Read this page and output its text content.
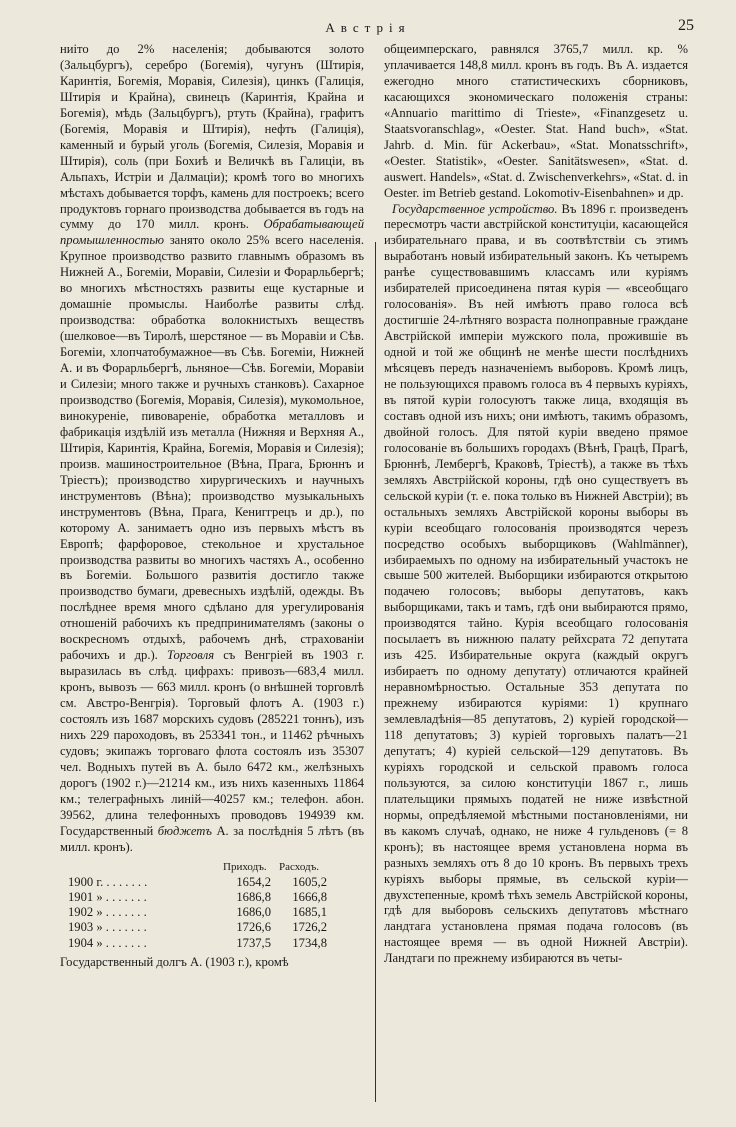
Австрія	25

ниіто до 2% населенія; добываются золото (Зальцбургъ), серебро (Богемія), чугунъ (Штирія, Каринтія, Богемія, Моравія, Силезія), цинкъ (Галиція, Штирія и Крайна), свинецъ (Каринтія, Крайна и Богемія), мѣдь (Зальцбургъ), ртуть (Крайна), графитъ (Богемія, Моравія и Штирія), нефть (Галиція), каменный и бурый уголь (Богемія, Силезія, Моравія и Штирія), соль (при Бохиѣ и Величкѣ въ Галиціи, въ Альпахъ, Истріи и Далмаціи); кромѣ того во многихъ мѣстахъ добывается торфъ, камень для построекъ; всего продуктовъ горнаго производства добывается въ годъ на сумму до 170 милл. кронъ. Обрабатывающей промышленностью занято около 25% всего населенія. Крупное производство развито главнымъ образомъ въ Нижней А., Богеміи, Моравіи, Силезіи и Форарльбергѣ; во многихъ мѣстностяхъ развиты еще кустарные и домашніе промыслы. Наиболѣе развиты слѣд. производства: обработка волокнистыхъ веществъ (шелковое—въ Тиролѣ, шерстяное — въ Моравіи и Сѣв. Богеміи, хлопчатобумажное—въ Сѣв. Богеміи, Нижней А. и въ Форарльбергѣ, льняное—Сѣв. Богеміи, Моравіи и Силезіи; много также и ручныхъ станковъ). Сахарное производство (Богемія, Моравія, Силезія), мукомольное, винокуреніе, пивовареніе, обработка металловъ и фабрикація издѣлій изъ металла (Нижняя и Верхняя А., Штирія, Каринтія, Крайна, Богемія, Моравія и Силезія); произв. машиностроительное (Вѣна, Прага, Брюннъ и Тріестъ); производство хирургическихъ и научныхъ инструментовъ (Вѣна); производство музыкальныхъ инструментовъ (Вѣна, Прага, Кениггрецъ и др.), по которому А. занимаетъ одно изъ первыхъ мѣстъ въ Европѣ; фарфоровое, стекольное и хрустальное производства развиты во многихъ частяхъ А., особенно въ Богеміи. Большого развитія достигло также производство бумаги, древесныхъ издѣлій, одежды. Въ послѣднее время много сдѣлано для урегулированія отношеній рабочихъ къ предпринимателямъ (законы о воскресномъ отдыхѣ, рабочемъ днѣ, страхованіи рабочихъ и др.). Торговля съ Венгріей въ 1903 г. выразилась въ слѣд. цифрахъ: привозъ—683,4 милл. кронъ, вывозъ — 663 милл. кронъ (о внѣшней торговлѣ см. Австро-Венгрія). Торговый флотъ А. (1903 г.) состоялъ изъ 1687 морскихъ судовъ (285221 тоннъ), изъ нихъ 229 пароходовъ, въ 253341 тон., и 11462 рѣчныхъ судовъ; экипажъ торговаго флота состоялъ изъ 35307 чел. Водныхъ путей въ А. было 6472 км., желѣзныхъ дорогъ (1902 г.)—21214 км., изъ нихъ казенныхъ 11864 км.; телеграфныхъ линій—40257 км.; телефон. абон. 39562, длина телефонныхъ проводовъ 194939 км. Государственный бюджетъ А. за послѣднія 5 лѣтъ (въ милл. кронъ).

Приходъ.	Расходъ.
1900 г. . . . . . . .	1654,2	1605,2
1901 » . . . . . . .	1686,8	1666,8
1902 » . . . . . . .	1686,0	1685,1
1903 » . . . . . . .	1726,6	1726,2
1904 » . . . . . . .	1737,5	1734,8

Государственный долгъ А. (1903 г.), кромѣ

общеимперскаго, равнялся 3765,7 милл. кр. % уплачивается 148,8 милл. кронъ въ годъ. Въ А. издается ежегодно много статистическихъ сборниковъ, касающихся экономическаго положенія страны: «Annuario marittimo di Trieste», «Finanzgesetz u. Staatsvoranschlag», «Oester. Stat. Hand buch», «Stat. Jahrb. d. Min. für Ackerbau», «Stat. Monatsschrift», «Oester. Statistik», «Oester. Sanitätswesen», «Stat. d. auswert. Handels», «Stat. d. Zwischenverkehrs», «Stat. d. in Oester. im Betrieb gestand. Lokomotiv-Eisenbahnen» и др.

Государственное устройство. Въ 1896 г. произведенъ пересмотръ части австрійской конституціи, касающейся избирательнаго права, и въ соотвѣтствіи съ этимъ выработанъ новый избирательный законъ. Къ четыремъ ранѣе существовавшимъ классамъ или куріямъ избирателей присоединена пятая курія — «всеобщаго голосованія». Въ ней имѣютъ право голоса всѣ достигшіе 24-лѣтняго возраста полноправные граждане Австрійской имперіи мужского пола, прожившіе въ одной и той же общинѣ не менѣе шести послѣднихъ мѣсяцевъ передъ назначеніемъ выборовъ. Кромѣ лицъ, не пользующихся правомъ голоса въ 4 первыхъ куріяхъ, въ пятой куріи голосуютъ также лица, входящія въ составъ одной изъ нихъ; они имѣютъ, такимъ образомъ, двойной голосъ. Для пятой куріи введено прямое голосованіе въ большихъ городахъ (Вѣнѣ, Грацѣ, Прагѣ, Брюннѣ, Лембергѣ, Краковѣ, Тріестѣ), а также въ тѣхъ земляхъ Австрійской короны, гдѣ оно существуетъ въ сельской куріи (т. е. пока только въ Нижней Австріи); въ остальныхъ земляхъ Австрійской короны выборы въ куріи всеобщаго голосованія производятся черезъ посредство особыхъ выборщиковъ (Wahlmänner), избираемыхъ по одному на избирательный участокъ не свыше 500 жителей. Выборщики избираются открытою подачею голосовъ; выборы депутатовъ, какъ выборщиками, такъ и тамъ, гдѣ они выбираются прямо, производятся тайно. Курія всеобщаго голосованія посылаетъ въ нижнюю палату рейхсрата 72 депутата изъ 425. Избирательные округа (каждый округъ избираетъ по одному депутату) отличаются крайней неравномѣрностью. Остальные 353 депутата по прежнему избираются куріями: 1) крупнаго землевладѣнія—85 депутатовъ, 2) куріей городской—118 депутатовъ; 3) куріей торговыхъ палатъ—21 депутатъ; 4) куріей сельской—129 депутатовъ. Въ куріяхъ городской и сельской правомъ голоса пользуются, за силою конституціи 1867 г., лишь плательщики прямыхъ податей не ниже извѣстной нормы, опредѣляемой мѣстными постановленіями, ни въ какомъ случаѣ, однако, не ниже 4 гульденовъ (= 8 кронъ); въ настоящее время установлена норма въ разныхъ земляхъ отъ 8 до 10 кронъ. Въ первыхъ трехъ куріяхъ выборы прямые, въ сельской куріи—двухстепенные, кромѣ тѣхъ земель Австрійской короны, гдѣ для выборовъ сельскихъ депутатовъ мѣстнаго ландтага установлена прямая подача голосовъ (въ настоящее время — въ одной Нижней Австріи). Ландтаги по прежнему избираются въ четы-
